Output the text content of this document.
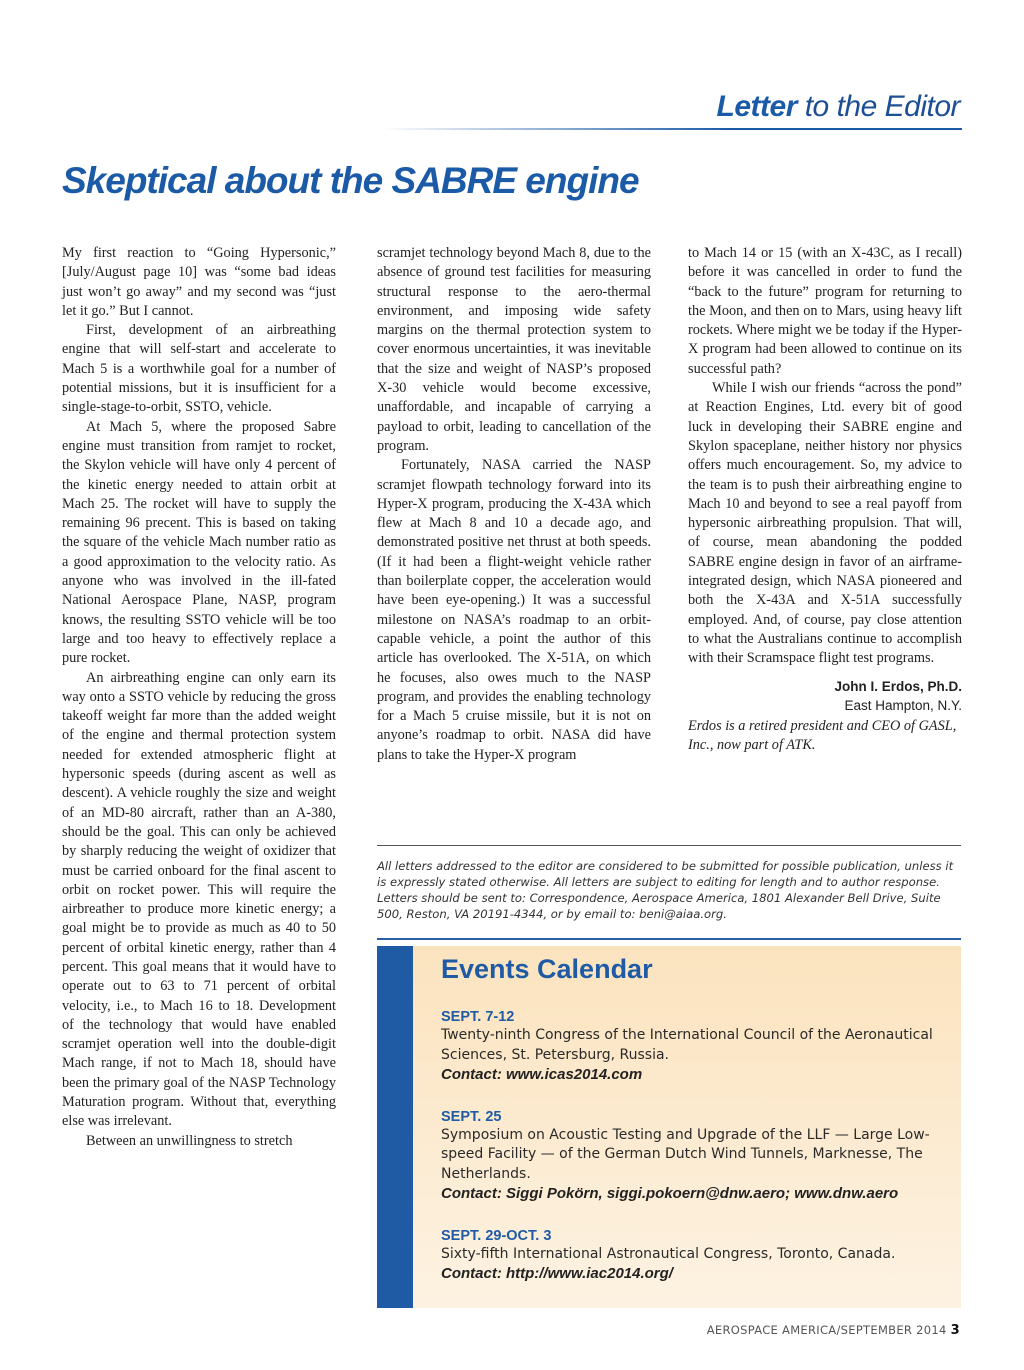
Letter to the Editor
Skeptical about the SABRE engine

My first reaction to “Going Hypersonic,” [July/August page 10] was “some bad ideas just won’t go away” and my second was “just let it go.” But I cannot.

First, development of an airbreathing engine that will self-start and accelerate to Mach 5 is a worthwhile goal for a number of potential missions, but it is insufficient for a single-stage-to-orbit, SSTO, vehicle.

At Mach 5, where the proposed Sabre engine must transition from ramjet to rocket, the Skylon vehicle will have only 4 percent of the kinetic energy needed to attain orbit at Mach 25. The rocket will have to supply the remaining 96 precent. This is based on taking the square of the vehicle Mach number ratio as a good approximation to the velocity ratio. As anyone who was involved in the ill-fated National Aerospace Plane, NASP, program knows, the resulting SSTO vehicle will be too large and too heavy to effectively replace a pure rocket.

An airbreathing engine can only earn its way onto a SSTO vehicle by reducing the gross takeoff weight far more than the added weight of the engine and thermal protection system needed for extended atmospheric flight at hypersonic speeds (during ascent as well as descent). A vehicle roughly the size and weight of an MD-80 aircraft, rather than an A-380, should be the goal. This can only be achieved by sharply reducing the weight of oxidizer that must be carried onboard for the final ascent to orbit on rocket power. This will require the airbreather to produce more kinetic energy; a goal might be to provide as much as 40 to 50 percent of orbital kinetic energy, rather than 4 percent. This goal means that it would have to operate out to 63 to 71 percent of orbital velocity, i.e., to Mach 16 to 18. Development of the technology that would have enabled scramjet operation well into the double-digit Mach range, if not to Mach 18, should have been the primary goal of the NASP Technology Maturation program. Without that, everything else was irrelevant.

Between an unwillingness to stretch

scramjet technology beyond Mach 8, due to the absence of ground test facilities for measuring structural response to the aero-thermal environment, and imposing wide safety margins on the thermal protection system to cover enormous uncertainties, it was inevitable that the size and weight of NASP’s proposed X-30 vehicle would become excessive, unaffordable, and incapable of carrying a payload to orbit, leading to cancellation of the program.

Fortunately, NASA carried the NASP scramjet flowpath technology forward into its Hyper-X program, producing the X-43A which flew at Mach 8 and 10 a decade ago, and demonstrated positive net thrust at both speeds. (If it had been a flight-weight vehicle rather than boilerplate copper, the acceleration would have been eye-opening.) It was a successful milestone on NASA’s roadmap to an orbit-capable vehicle, a point the author of this article has overlooked. The X-51A, on which he focuses, also owes much to the NASP program, and provides the enabling technology for a Mach 5 cruise missile, but it is not on anyone’s roadmap to orbit. NASA did have plans to take the Hyper-X program

to Mach 14 or 15 (with an X-43C, as I recall) before it was cancelled in order to fund the “back to the future” program for returning to the Moon, and then on to Mars, using heavy lift rockets. Where might we be today if the Hyper-X program had been allowed to continue on its successful path?

While I wish our friends “across the pond” at Reaction Engines, Ltd. every bit of good luck in developing their SABRE engine and Skylon spaceplane, neither history nor physics offers much encouragement. So, my advice to the team is to push their airbreathing engine to Mach 10 and beyond to see a real payoff from hypersonic airbreathing propulsion. That will, of course, mean abandoning the podded SABRE engine design in favor of an airframe-integrated design, which NASA pioneered and both the X-43A and X-51A successfully employed. And, of course, pay close attention to what the Australians continue to accomplish with their Scramspace flight test programs.

John I. Erdos, Ph.D.

East Hampton, N.Y.

Erdos is a retired president and CEO of GASL, Inc., now part of ATK.

All letters addressed to the editor are considered to be submitted for possible publication, unless it is expressly stated otherwise. All letters are subject to editing for length and to author response. Letters should be sent to: Correspondence, Aerospace America, 1801 Alexander Bell Drive, Suite 500, Reston, VA 20191-4344, or by email to: beni@aiaa.org.
Events Calendar
SEPT. 7-12
Twenty-ninth Congress of the International Council of the Aeronautical Sciences, St. Petersburg, Russia.
Contact: www.icas2014.com
SEPT. 25
Symposium on Acoustic Testing and Upgrade of the LLF — Large Low-speed Facility — of the German Dutch Wind Tunnels, Marknesse, The Netherlands.
Contact: Siggi Pokörn, siggi.pokoern@dnw.aero; www.dnw.aero
SEPT. 29-OCT. 3
Sixty-fifth International Astronautical Congress, Toronto, Canada.
Contact: http://www.iac2014.org/
AEROSPACE AMERICA/SEPTEMBER 2014 3
